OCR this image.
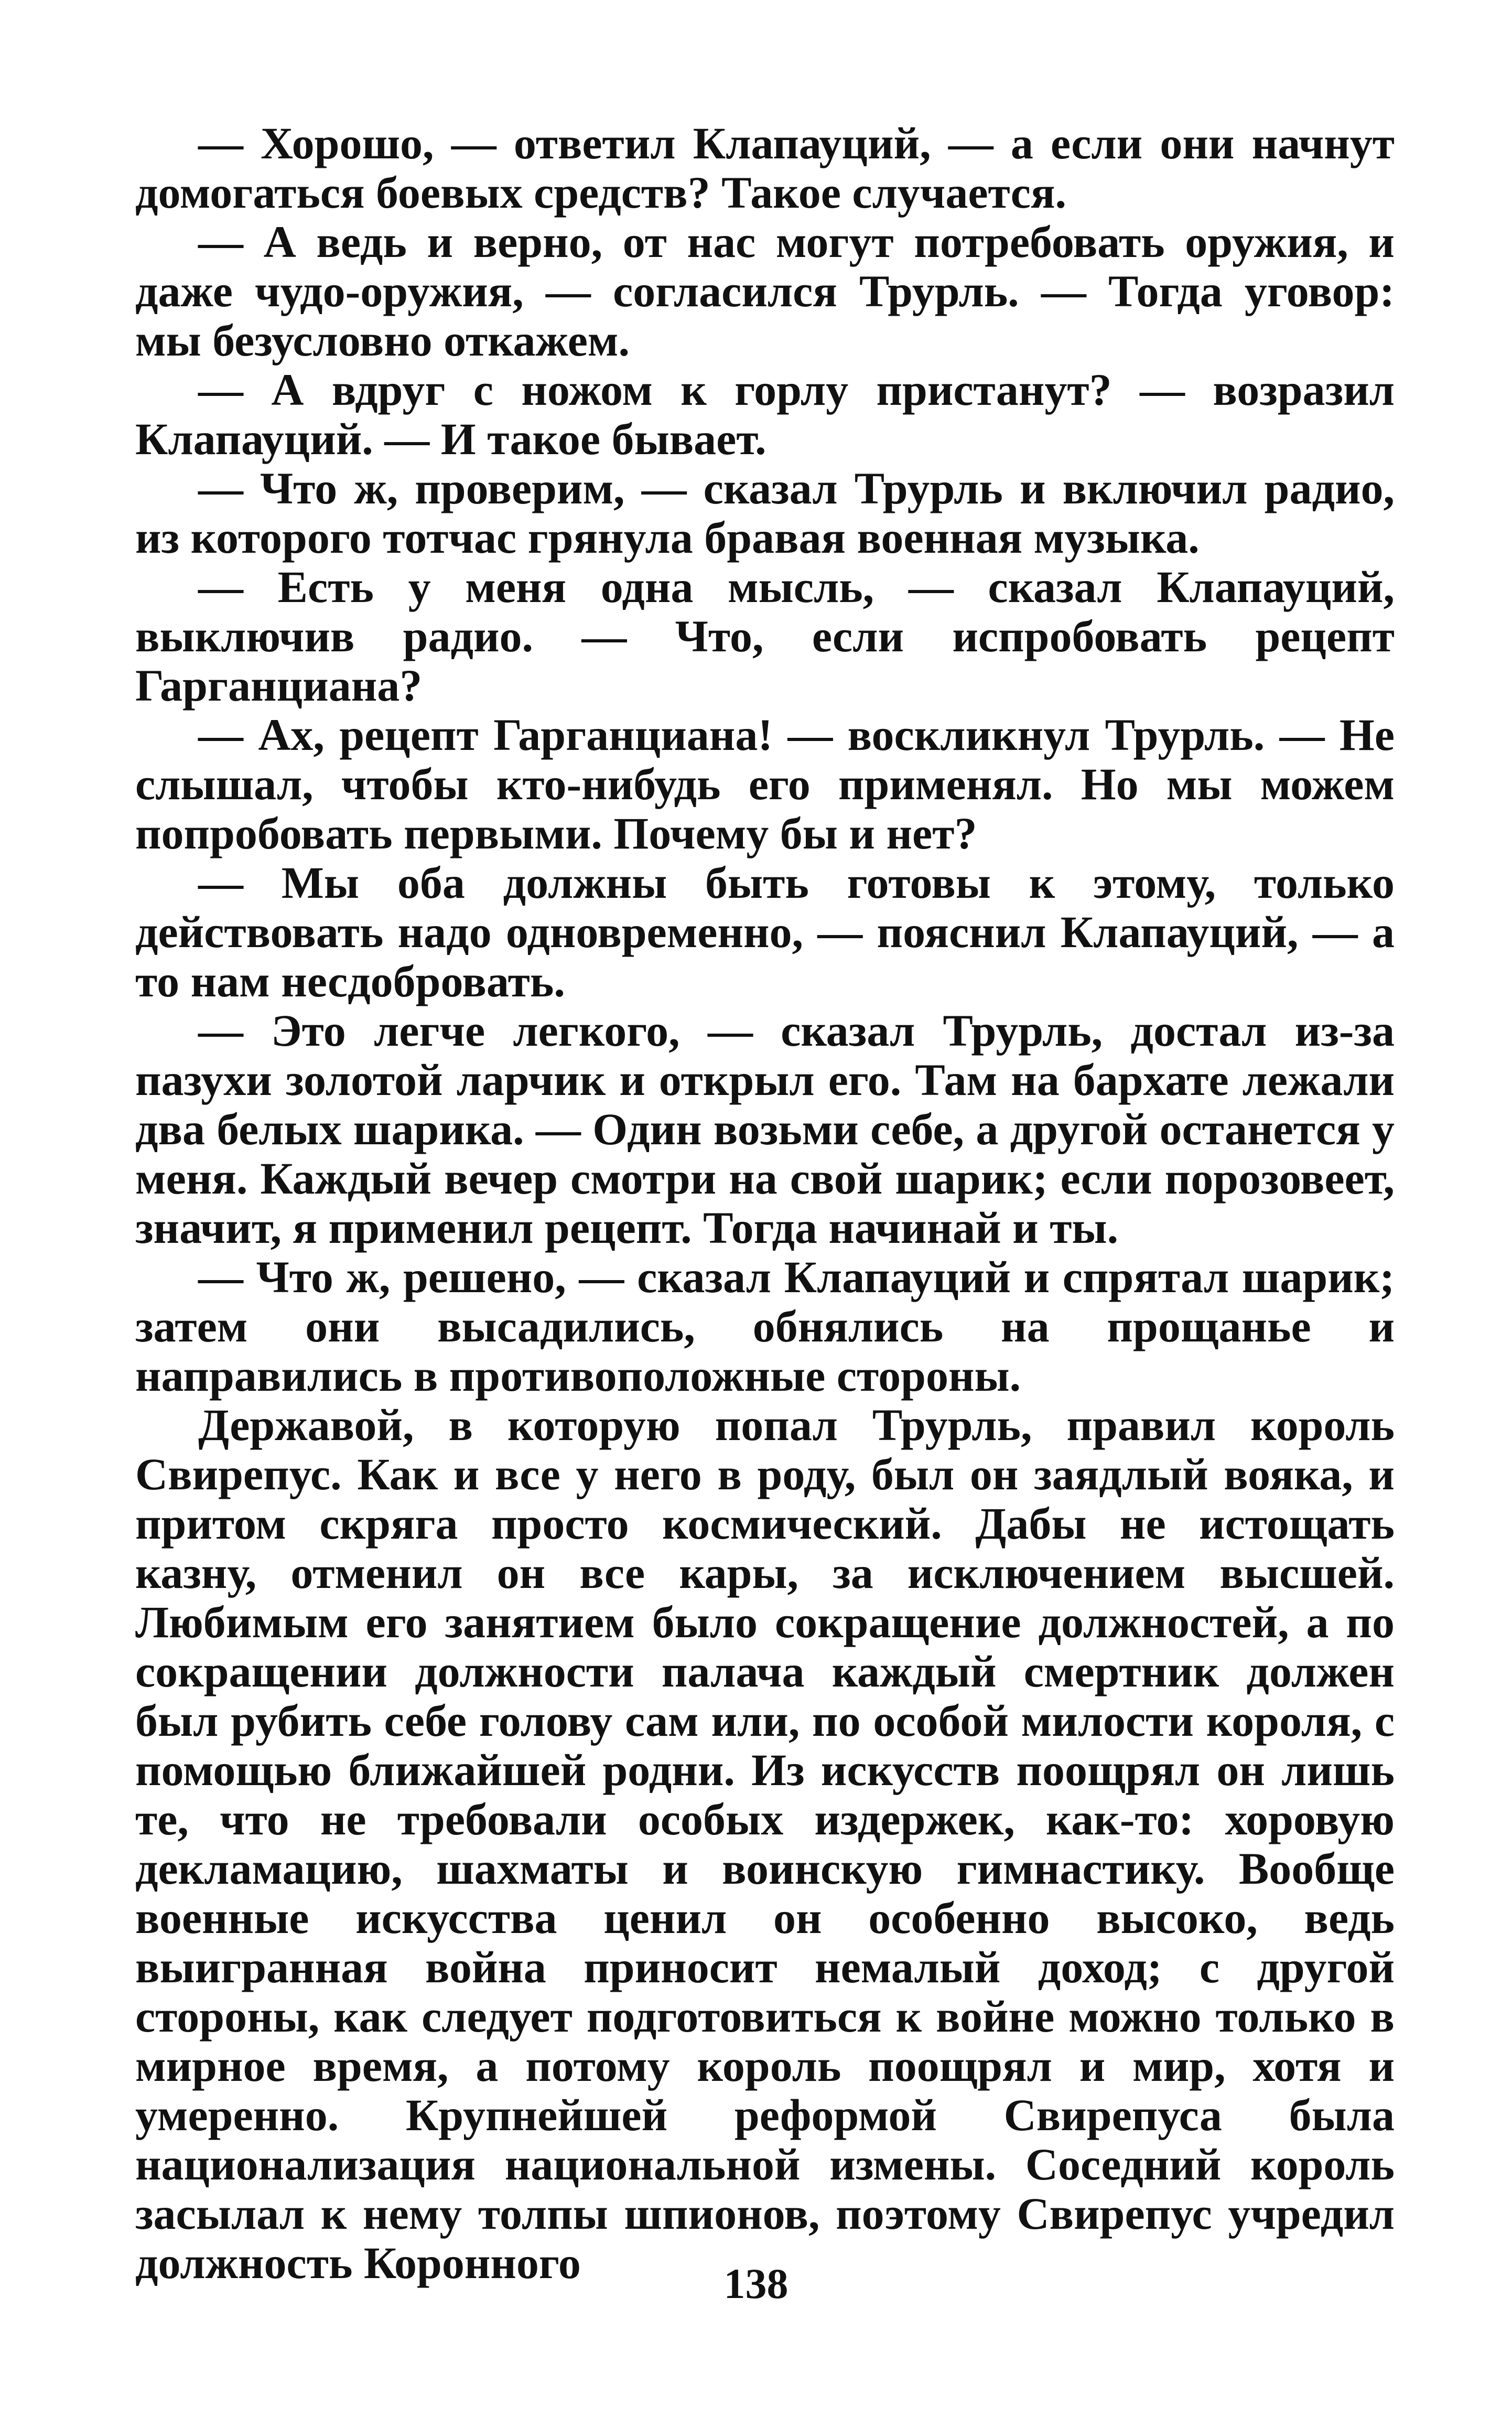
— Хорошо, — ответил Клапауций, — а если они начнут домогаться боевых средств? Такое случается.

— А ведь и верно, от нас могут потребовать оружия, и даже чудо-оружия, — согласился Трурль. — Тогда уговор: мы безусловно откажем.

— А вдруг с ножом к горлу пристанут? — возразил Клапауций. — И такое бывает.

— Что ж, проверим, — сказал Трурль и включил радио, из которого тотчас грянула бравая военная музыка.

— Есть у меня одна мысль, — сказал Клапауций, выключив радио. — Что, если испробовать рецепт Гарганциана?

— Ах, рецепт Гарганциана! — воскликнул Трурль. — Не слышал, чтобы кто-нибудь его применял. Но мы можем попробовать первыми. Почему бы и нет?

— Мы оба должны быть готовы к этому, только действовать надо одновременно, — пояснил Клапауций, — а то нам несдобровать.

— Это легче легкого, — сказал Трурль, достал из-за пазухи золотой ларчик и открыл его. Там на бархате лежали два белых шарика. — Один возьми себе, а другой останется у меня. Каждый вечер смотри на свой шарик; если порозовеет, значит, я применил рецепт. Тогда начинай и ты.

— Что ж, решено, — сказал Клапауций и спрятал шарик; затем они высадились, обнялись на прощанье и направились в противоположные стороны.

Державой, в которую попал Трурль, правил король Свирепус. Как и все у него в роду, был он заядлый вояка, и притом скряга просто космический. Дабы не истощать казну, отменил он все кары, за исключением высшей. Любимым его занятием было сокращение должностей, а по сокращении должности палача каждый смертник должен был рубить себе голову сам или, по особой милости короля, с помощью ближайшей родни. Из искусств поощрял он лишь те, что не требовали особых издержек, как-то: хоровую декламацию, шахматы и воинскую гимнастику. Вообще военные искусства ценил он особенно высоко, ведь выигранная война приносит немалый доход; с другой стороны, как следует подготовиться к войне можно только в мирное время, а потому король поощрял и мир, хотя и умеренно. Крупнейшей реформой Свирепуса была национализация национальной измены. Соседний король засылал к нему толпы шпионов, поэтому Свирепус учредил должность Коронного	138
